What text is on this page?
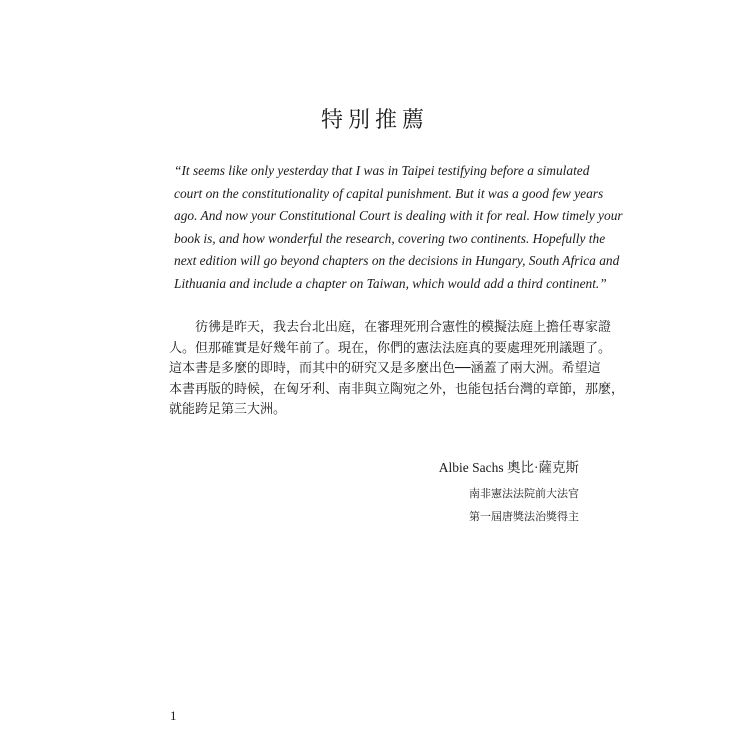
特別推薦
“It seems like only yesterday that I was in Taipei testifying before a simulated
court on the constitutionality of capital punishment. But it was a good few years
ago. And now your Constitutional Court is dealing with it for real. How timely your
book is, and how wonderful the research, covering two continents. Hopefully the
next edition will go beyond chapters on the decisions in Hungary, South Africa and
Lithuania and include a chapter on Taiwan, which would add a third continent.”
　　彷彿是昨天，我去台北出庭，在審理死刑合憲性的模擬法庭上擔任專家證
人。但那確實是好幾年前了。現在，你們的憲法法庭真的要處理死刑議題了。
這本書是多麼的即時，而其中的研究又是多麼出色──涵蓋了兩大洲。希望這
本書再版的時候，在匈牙利、南非與立陶宛之外，也能包括台灣的章節，那麼，
就能跨足第三大洲。
Albie Sachs 奧比·薩克斯
南非憲法法院前大法官
第一屆唐獎法治獎得主
1
